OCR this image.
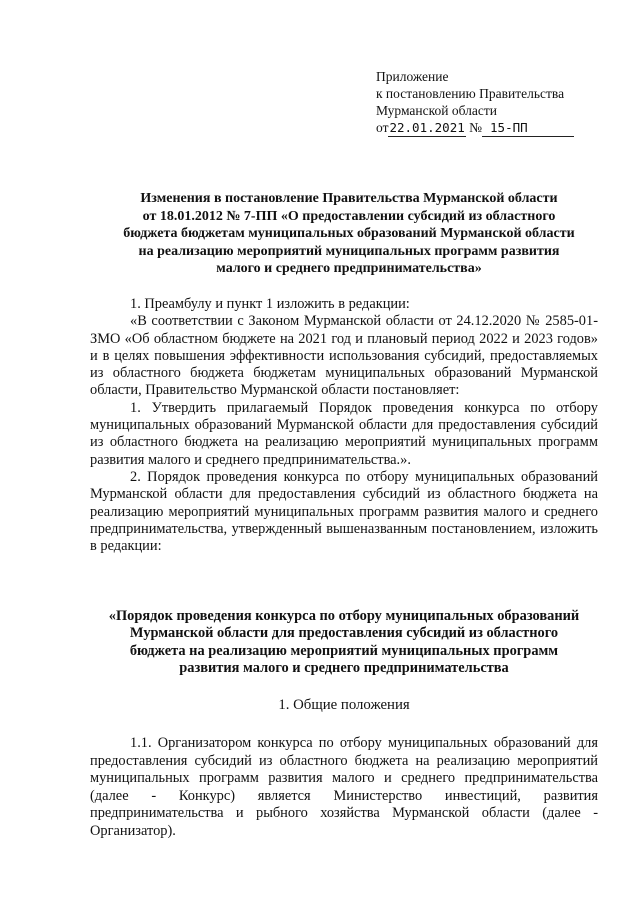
Приложение
к постановлению Правительства
Мурманской области
от22.01.2021 № 15-ПП
Изменения в постановление Правительства Мурманской области
от 18.01.2012 № 7-ПП «О предоставлении субсидий из областного
бюджета бюджетам муниципальных образований Мурманской области
на реализацию мероприятий муниципальных программ развития
малого и среднего предпринимательства»

1. Преамбулу и пункт 1 изложить в редакции:

«В соответствии с Законом Мурманской области от 24.12.2020 № 2585-01-ЗМО «Об областном бюджете на 2021 год и плановый период 2022 и 2023 годов» и в целях повышения эффективности использования субсидий, предоставляемых из областного бюджета бюджетам муниципальных образований Мурманской области, Правительство Мурманской области постановляет:

1. Утвердить прилагаемый Порядок проведения конкурса по отбору муниципальных образований Мурманской области для предоставления субсидий из областного бюджета на реализацию мероприятий муниципальных программ развития малого и среднего предпринимательства.».

2. Порядок проведения конкурса по отбору муниципальных образований Мурманской области для предоставления субсидий из областного бюджета на реализацию мероприятий муниципальных программ развития малого и среднего предпринимательства, утвержденный вышеназванным постановлением, изложить в редакции:

«Порядок проведения конкурса по отбору муниципальных образований
Мурманской области для предоставления субсидий из областного
бюджета на реализацию мероприятий муниципальных программ
развития малого и среднего предпринимательства
1. Общие положения

1.1. Организатором конкурса по отбору муниципальных образований для предоставления субсидий из областного бюджета на реализацию мероприятий муниципальных программ развития малого и среднего предпринимательства (далее - Конкурс) является Министерство инвестиций, развития предпринимательства и рыбного хозяйства Мурманской области (далее - Организатор).
